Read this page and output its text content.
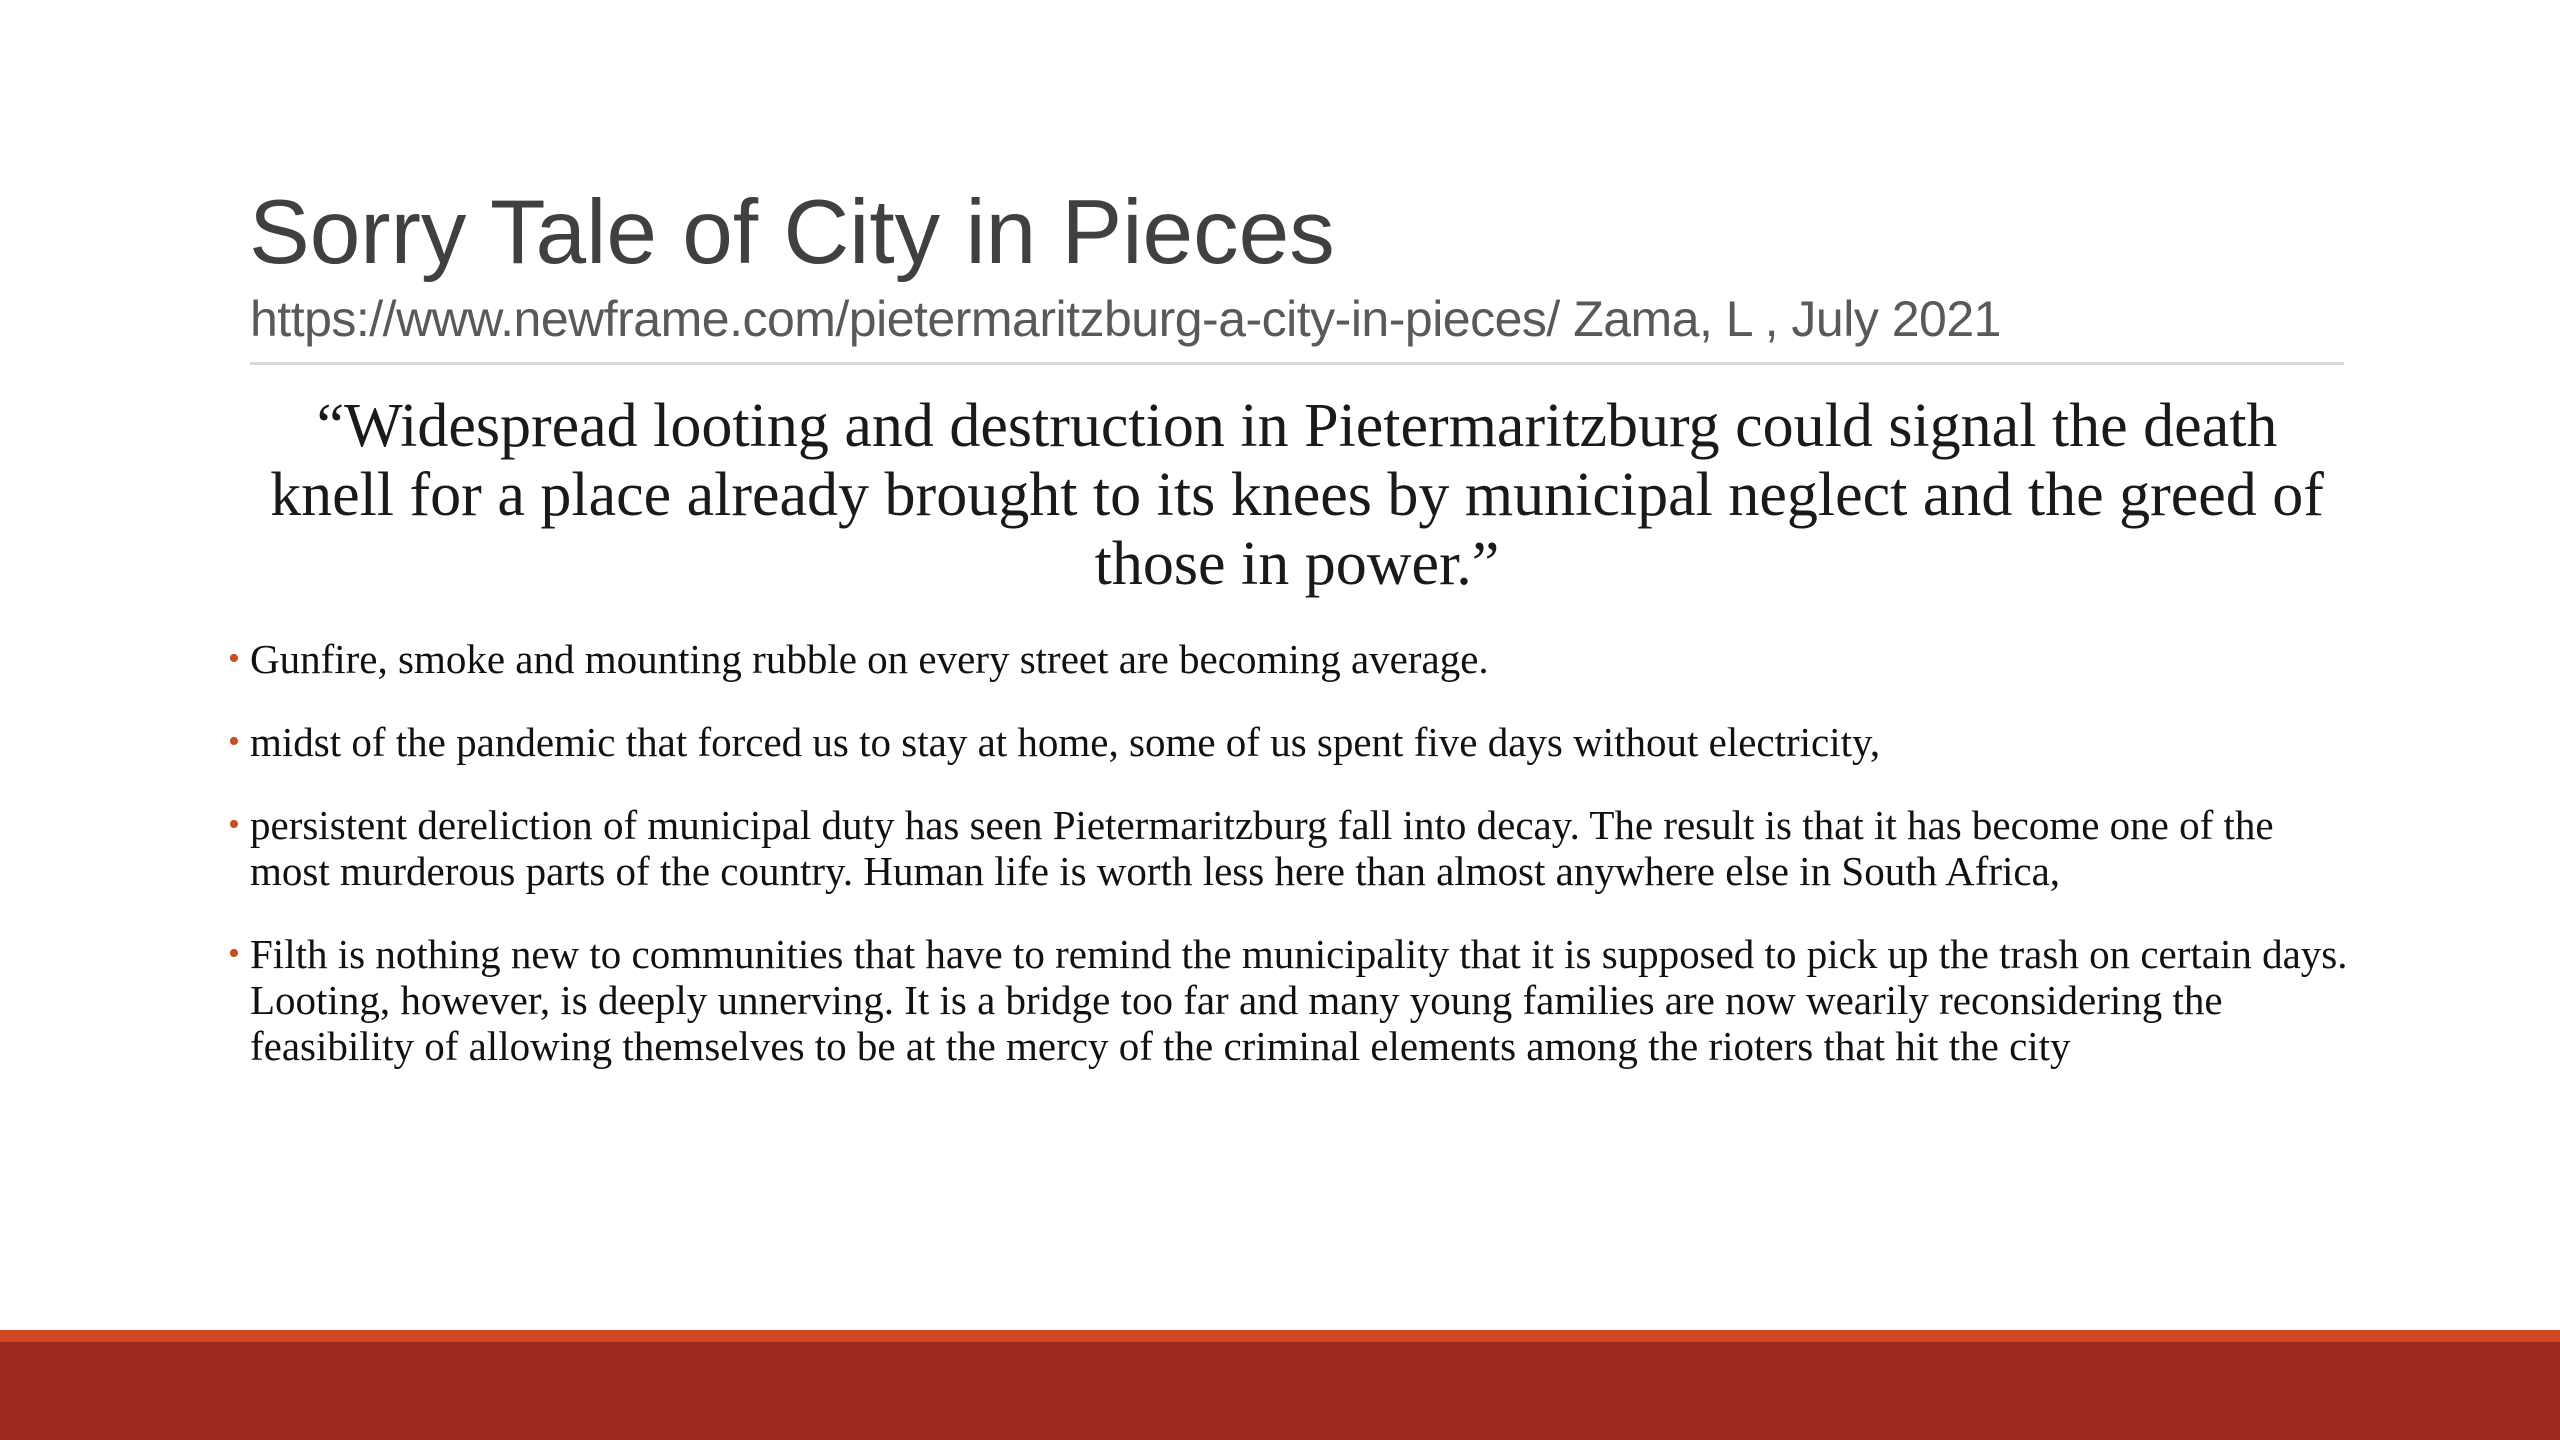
Sorry Tale of City in Pieces

https://www.newframe.com/pietermaritzburg-a-city-in-pieces/ Zama, L , July 2021

“Widespread looting and destruction in Pietermaritzburg could signal the death knell for a place already brought to its knees by municipal neglect and the greed of those in power.”

• Gunfire, smoke and mounting rubble on every street are becoming average.
• midst of the pandemic that forced us to stay at home, some of us spent five days without electricity,
• persistent dereliction of municipal duty has seen Pietermaritzburg fall into decay. The result is that it has become one of the most murderous parts of the country. Human life is worth less here than almost anywhere else in South Africa,
• Filth is nothing new to communities that have to remind the municipality that it is supposed to pick up the trash on certain days. Looting, however, is deeply unnerving. It is a bridge too far and many young families are now wearily reconsidering the feasibility of allowing themselves to be at the mercy of the criminal elements among the rioters that hit the city
